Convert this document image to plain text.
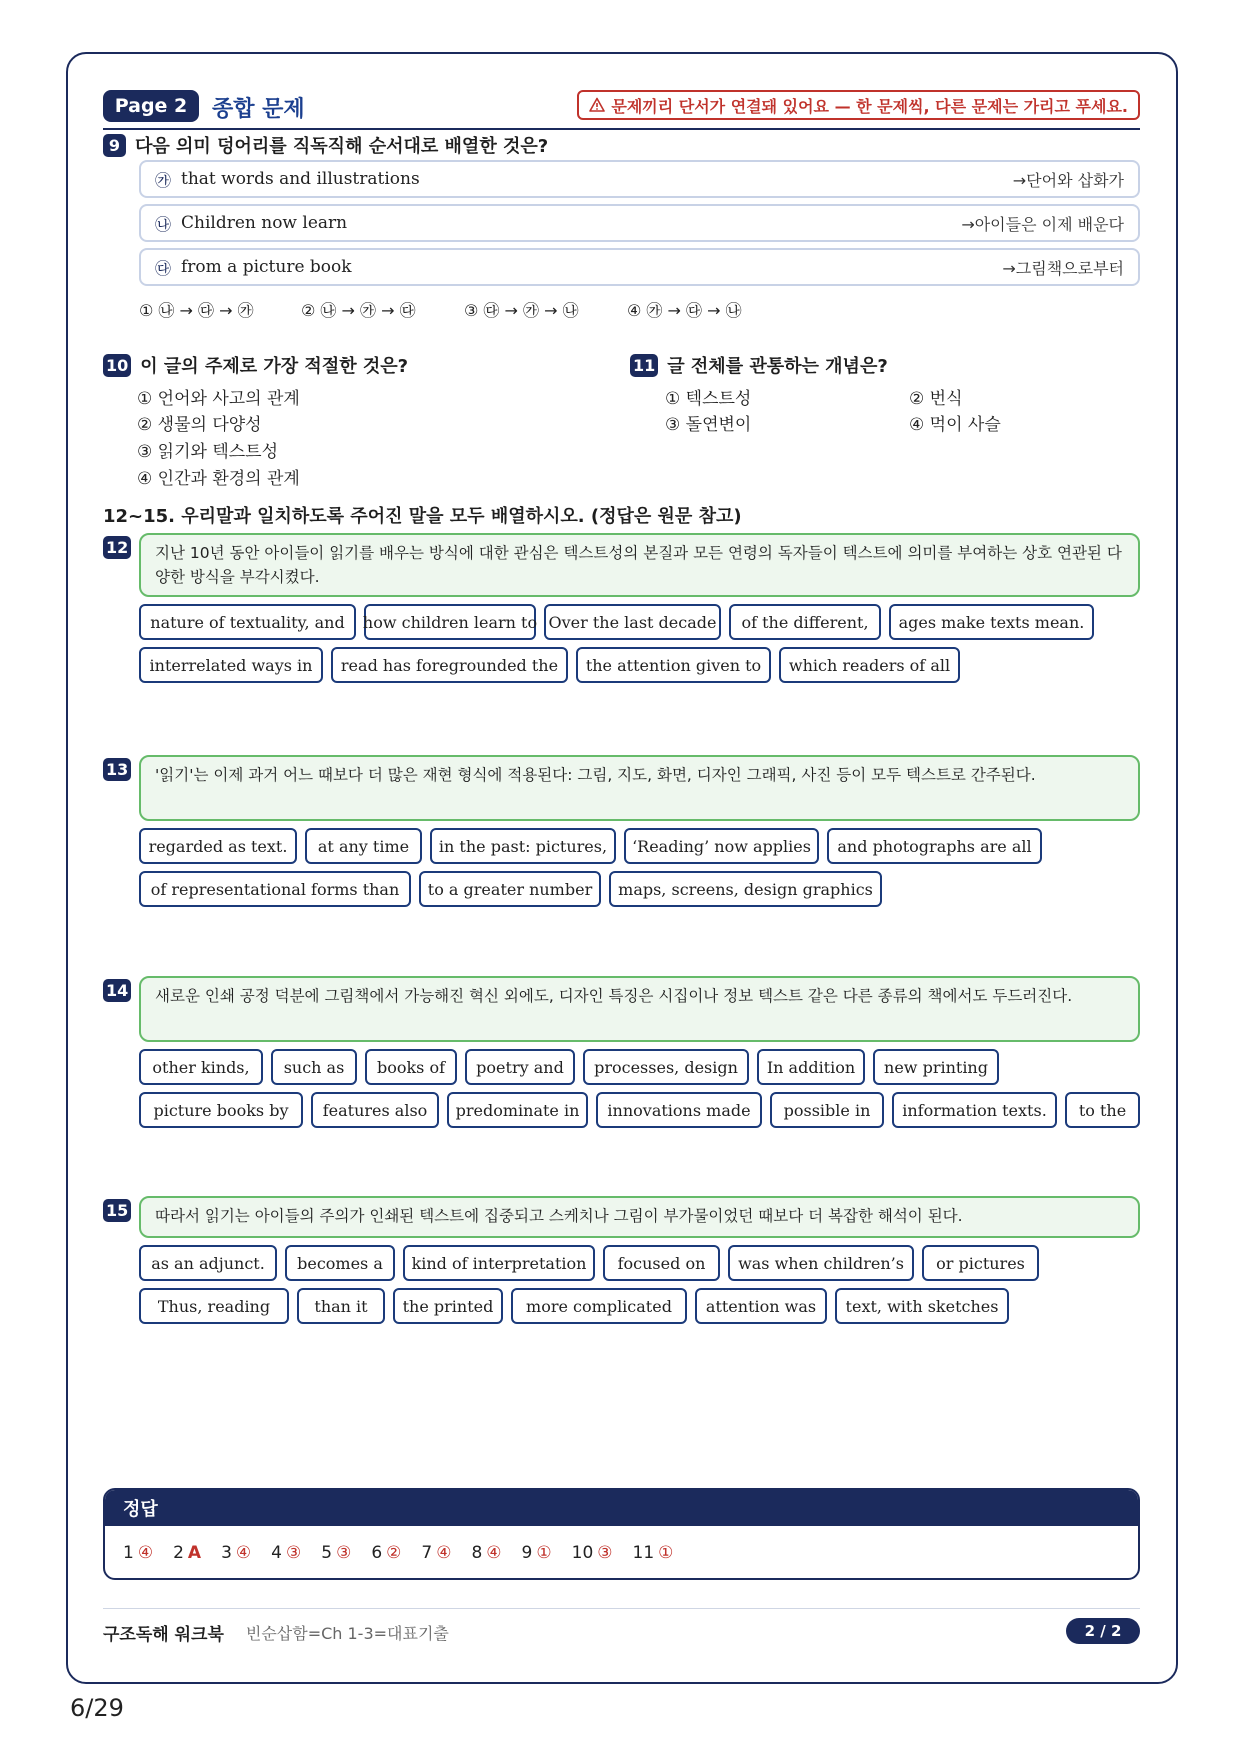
Page 2	종합 문제	문제끼리 단서가 연결돼 있어요 — 한 문제씩, 다른 문제는 가리고 푸세요.
9 다음 의미 덩어리를 직독직해 순서대로 배열한 것은?
㉮ that words and illustrations	→단어와 삽화가
㉯ Children now learn	→아이들은 이제 배운다
㉰ from a picture book	→그림책으로부터
① ㉯ → ㉰ → ㉮	② ㉯ → ㉮ → ㉰	③ ㉰ → ㉮ → ㉯	④ ㉮ → ㉰ → ㉯
10 이 글의 주제로 가장 적절한 것은?
① 언어와 사고의 관계
② 생물의 다양성
③ 읽기와 텍스트성
④ 인간과 환경의 관계
11 글 전체를 관통하는 개념은?
① 텍스트성	② 번식
③ 돌연변이	④ 먹이 사슬
12~15. 우리말과 일치하도록 주어진 말을 모두 배열하시오. (정답은 원문 참고)
12	지난 10년 동안 아이들이 읽기를 배우는 방식에 대한 관심은 텍스트성의 본질과 모든 연령의 독자들이 텍스트에 의미를 부여하는 상호 연관된 다양한 방식을 부각시켰다.
nature of textuality, and	how children learn to Over the last decade	of the different,	ages make texts mean.
interrelated ways in	read has foregrounded the	the attention given to	which readers of all
13	'읽기'는 이제 과거 어느 때보다 더 많은 재현 형식에 적용된다: 그림, 지도, 화면, 디자인 그래픽, 사진 등이 모두 텍스트로 간주된다.
regarded as text.	at any time	in the past: pictures,	‘Reading’ now applies	and photographs are all
of representational forms than	to a greater number	maps, screens, design graphics
14	새로운 인쇄 공정 덕분에 그림책에서 가능해진 혁신 외에도, 디자인 특징은 시집이나 정보 텍스트 같은 다른 종류의 책에서도 두드러진다.
other kinds,	such as	books of	poetry and	processes, design	In addition	new printing
picture books by	features also	predominate in	innovations made	possible in	information texts.	to the
15	따라서 읽기는 아이들의 주의가 인쇄된 텍스트에 집중되고 스케치나 그림이 부가물이었던 때보다 더 복잡한 해석이 된다.
as an adjunct.	becomes a	kind of interpretation	focused on	was when children’s	or pictures
Thus, reading	than it	the printed	more complicated	attention was	text, with sketches
정답
1 ④ 2 A 3 ④ 4 ③ 5 ③ 6 ② 7 ④ 8 ④ 9 ① 10 ③ 11 ①
구조독해 워크북 빈순삽함=Ch 1-3=대표기출	2 / 2
6/29
